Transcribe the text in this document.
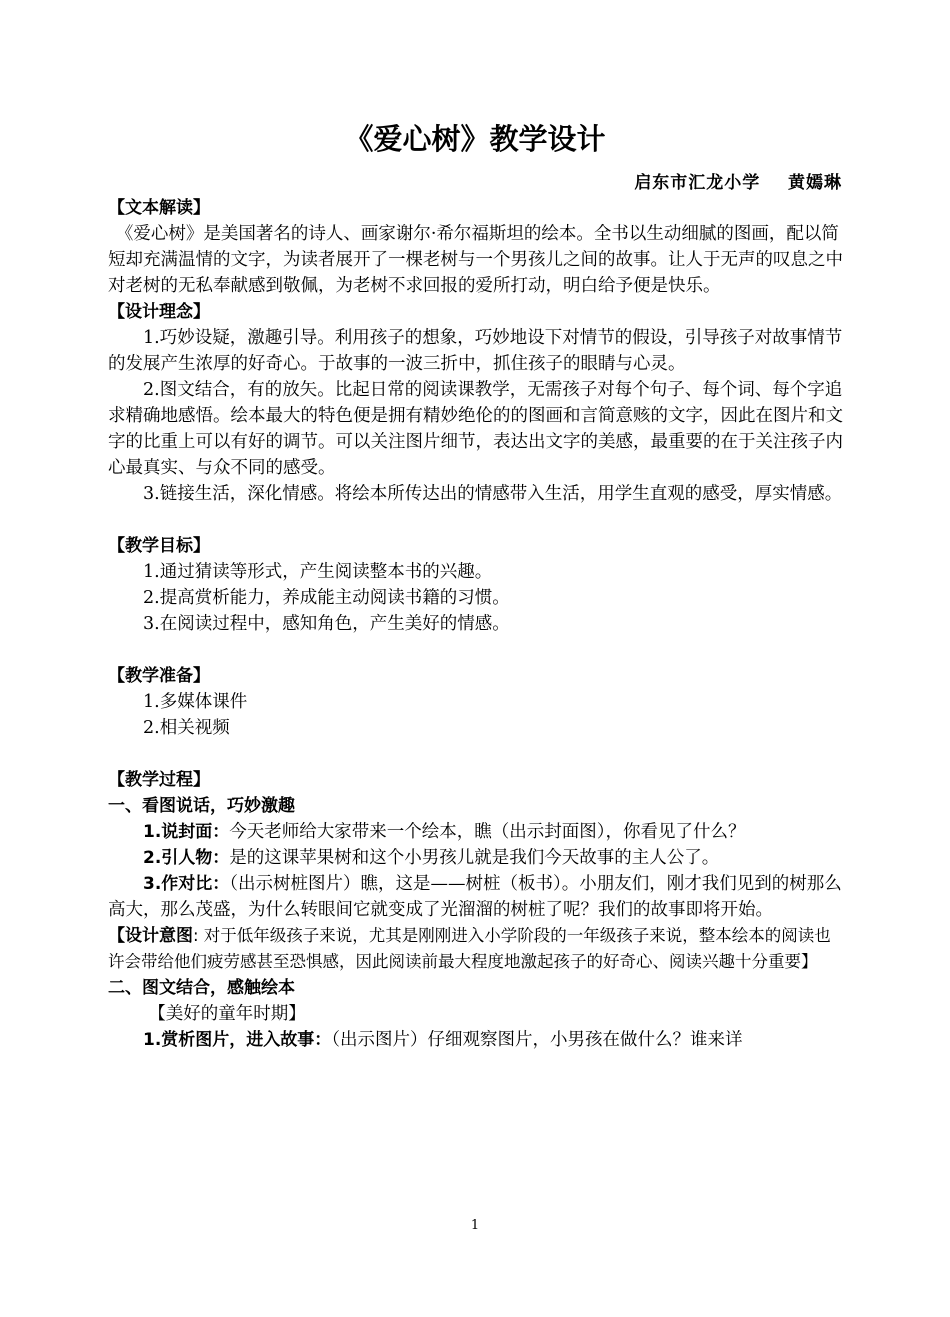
《爱心树》教学设计
启东市汇龙小学    黄嫣琳

【文本解读】

《爱心树》是美国著名的诗人、画家谢尔·希尔福斯坦的绘本。全书以生动细腻的图画，配以简短却充满温情的文字，为读者展开了一棵老树与一个男孩儿之间的故事。让人于无声的叹息之中对老树的无私奉献感到敬佩，为老树不求回报的爱所打动，明白给予便是快乐。

【设计理念】

1.巧妙设疑，激趣引导。利用孩子的想象，巧妙地设下对情节的假设，引导孩子对故事情节的发展产生浓厚的好奇心。于故事的一波三折中，抓住孩子的眼睛与心灵。

2.图文结合，有的放矢。比起日常的阅读课教学，无需孩子对每个句子、每个词、每个字追求精确地感悟。绘本最大的特色便是拥有精妙绝伦的的图画和言简意赅的文字，因此在图片和文字的比重上可以有好的调节。可以关注图片细节，表达出文字的美感，最重要的在于关注孩子内心最真实、与众不同的感受。

3.链接生活，深化情感。将绘本所传达出的情感带入生活，用学生直观的感受，厚实情感。

【教学目标】

1.通过猜读等形式，产生阅读整本书的兴趣。

2.提高赏析能力，养成能主动阅读书籍的习惯。

3.在阅读过程中，感知角色，产生美好的情感。

【教学准备】

1.多媒体课件

2.相关视频

【教学过程】

一、看图说话，巧妙激趣

1.说封面：今天老师给大家带来一个绘本，瞧（出示封面图），你看见了什么？

2.引人物：是的这课苹果树和这个小男孩儿就是我们今天故事的主人公了。

3.作对比：（出示树桩图片）瞧，这是——树桩（板书）。小朋友们，刚才我们见到的树那么高大，那么茂盛，为什么转眼间它就变成了光溜溜的树桩了呢？我们的故事即将开始。

【设计意图: 对于低年级孩子来说，尤其是刚刚进入小学阶段的一年级孩子来说，整本绘本的阅读也许会带给他们疲劳感甚至恐惧感，因此阅读前最大程度地激起孩子的好奇心、阅读兴趣十分重要】

二、图文结合，感触绘本

【美好的童年时期】

1.赏析图片，进入故事：（出示图片）仔细观察图片，小男孩在做什么？谁来详

1
